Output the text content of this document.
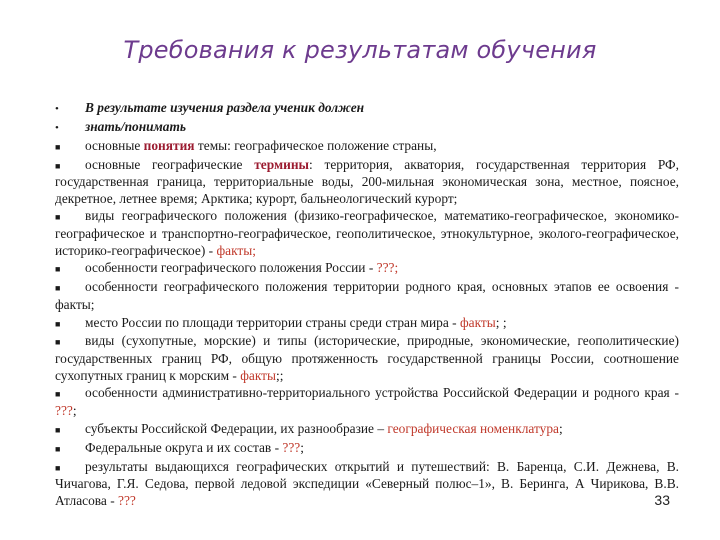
Требования к результатам обучения
• В результате изучения раздела ученик должен
• знать/понимать
■ основные понятия темы: географическое положение страны,
■ основные географические термины: территория, акватория, государственная территория РФ, государственная граница, территориальные воды, 200-мильная экономическая зона, местное, поясное, декретное, летнее время; Арктика; курорт, бальнеологический курорт;
■ виды географического положения (физико-географическое, математико-географическое, экономико-географическое и транспортно-географическое, геополитическое, этнокультурное, эколого-географическое, историко-географическое) - факты;
■ особенности географического положения России - ???;
■ особенности географического положения территории родного края, основных этапов ее освоения - факты;
■ место России по площади территории страны среди стран мира - факты; ;
■ виды (сухопутные, морские) и типы (исторические, природные, экономические, геополитические) государственных границ РФ, общую протяженность государственной границы России, соотношение сухопутных границ к морским - факты;;
■ особенности административно-территориального устройства Российской Федерации и родного края - ???;
■ субъекты Российской Федерации, их разнообразие – географическая номенклатура;
■ Федеральные округа и их состав - ???;
■ результаты выдающихся географических открытий и путешествий: В. Баренца, С.И. Дежнева, В. Чичагова, Г.Я. Седова, первой ледовой экспедиции «Северный полюс–1», В. Беринга, А Чирикова, В.В. Атласова - ???	33
